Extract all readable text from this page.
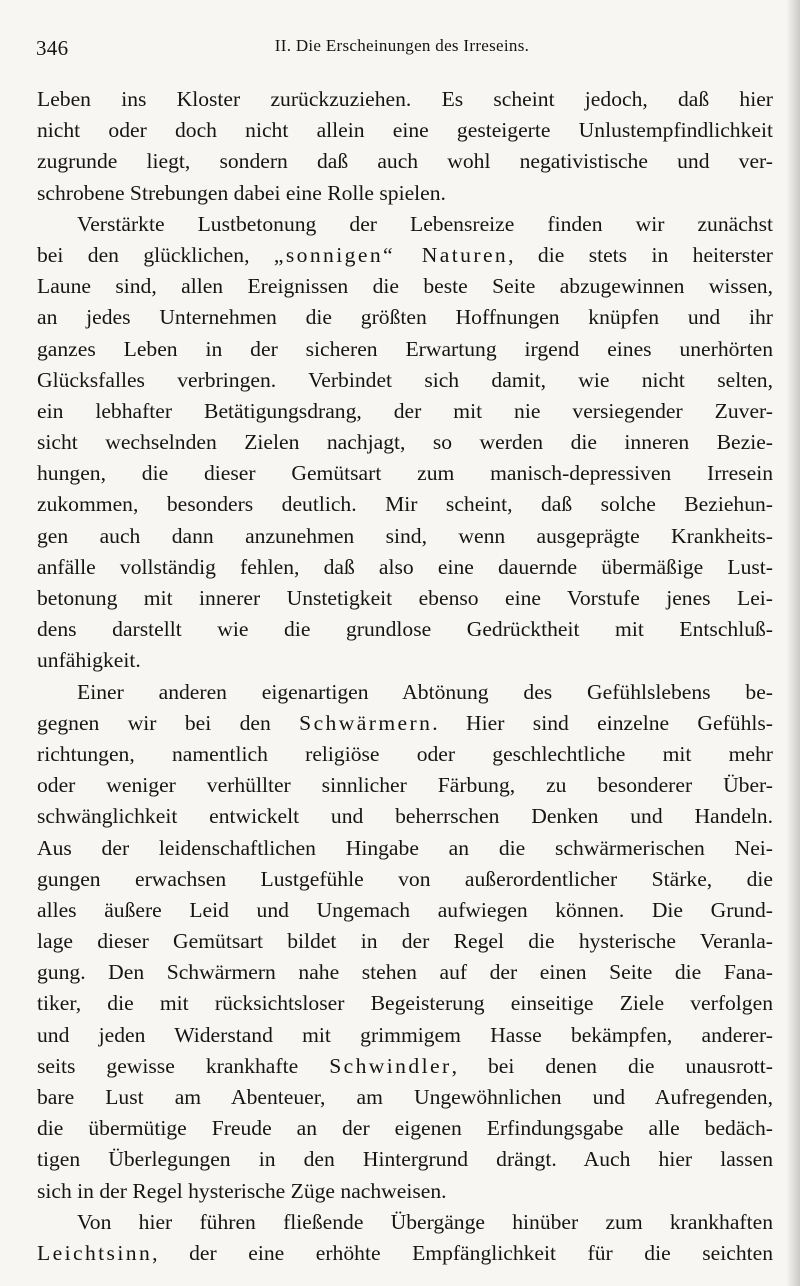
346	II. Die Erscheinungen des Irreseins.
Leben ins Kloster zurückzuziehen. Es scheint jedoch, daß hier
nicht oder doch nicht allein eine gesteigerte Unlustempfindlichkeit
zugrunde liegt, sondern daß auch wohl negativistische und ver-
schrobene Strebungen dabei eine Rolle spielen.
Verstärkte Lustbetonung der Lebensreize finden wir zunächst
bei den glücklichen, „sonnigen“ Naturen, die stets in heiterster
Laune sind, allen Ereignissen die beste Seite abzugewinnen wissen,
an jedes Unternehmen die größten Hoffnungen knüpfen und ihr
ganzes Leben in der sicheren Erwartung irgend eines unerhörten
Glücksfalles verbringen. Verbindet sich damit, wie nicht selten,
ein lebhafter Betätigungsdrang, der mit nie versiegender Zuver-
sicht wechselnden Zielen nachjagt, so werden die inneren Bezie-
hungen, die dieser Gemütsart zum manisch-depressiven Irresein
zukommen, besonders deutlich. Mir scheint, daß solche Beziehun-
gen auch dann anzunehmen sind, wenn ausgeprägte Krankheits-
anfälle vollständig fehlen, daß also eine dauernde übermäßige Lust-
betonung mit innerer Unstetigkeit ebenso eine Vorstufe jenes Lei-
dens darstellt wie die grundlose Gedrücktheit mit Entschluß-
unfähigkeit.
Einer anderen eigenartigen Abtönung des Gefühlslebens be-
gegnen wir bei den Schwärmern. Hier sind einzelne Gefühls-
richtungen, namentlich religiöse oder geschlechtliche mit mehr
oder weniger verhüllter sinnlicher Färbung, zu besonderer Über-
schwänglichkeit entwickelt und beherrschen Denken und Handeln.
Aus der leidenschaftlichen Hingabe an die schwärmerischen Nei-
gungen erwachsen Lustgefühle von außerordentlicher Stärke, die
alles äußere Leid und Ungemach aufwiegen können. Die Grund-
lage dieser Gemütsart bildet in der Regel die hysterische Veranla-
gung. Den Schwärmern nahe stehen auf der einen Seite die Fana-
tiker, die mit rücksichtsloser Begeisterung einseitige Ziele verfolgen
und jeden Widerstand mit grimmigem Hasse bekämpfen, anderer-
seits gewisse krankhafte Schwindler, bei denen die unausrott-
bare Lust am Abenteuer, am Ungewöhnlichen und Aufregenden,
die übermütige Freude an der eigenen Erfindungsgabe alle bedäch-
tigen Überlegungen in den Hintergrund drängt. Auch hier lassen
sich in der Regel hysterische Züge nachweisen.
Von hier führen fließende Übergänge hinüber zum krankhaften
Leichtsinn, der eine erhöhte Empfänglichkeit für die seichten
